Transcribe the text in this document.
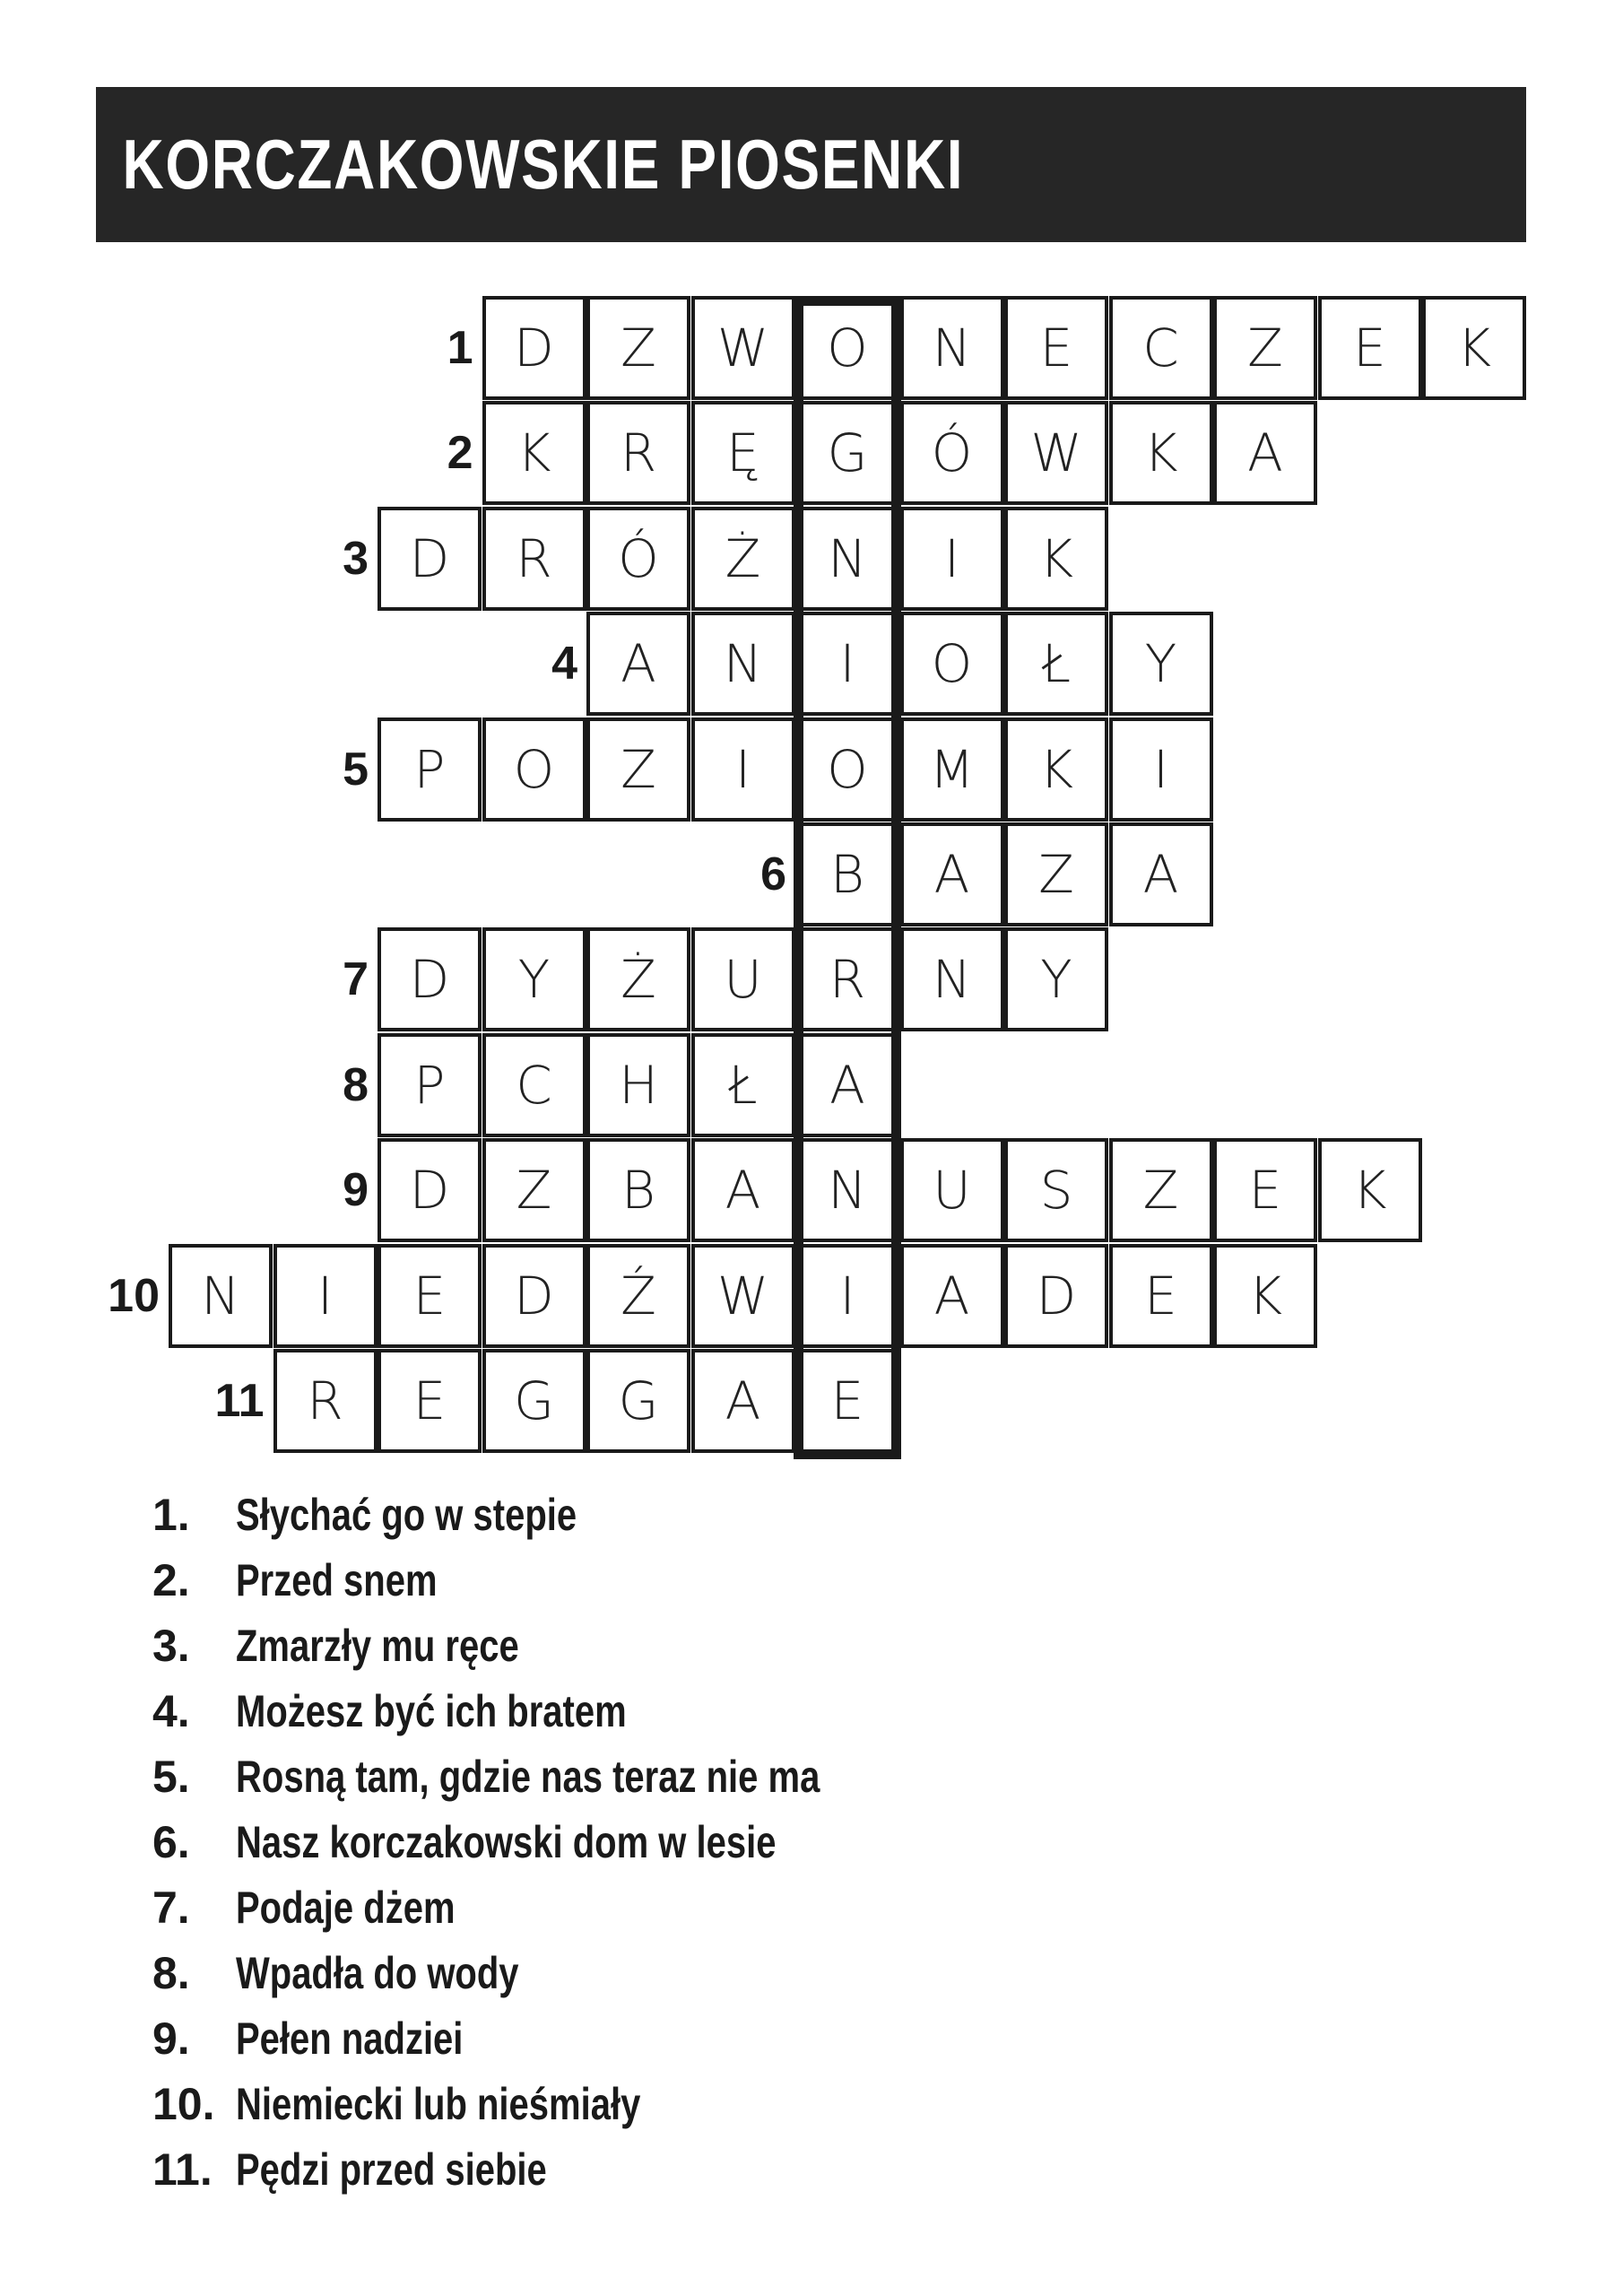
KORCZAKOWSKIE PIOSENKI
1 D	Z	W	O	N	E	C	Z	E	K
2 K	R	Ę	G	Ó	W	K	A
3 D	R	Ó	Ż	N	I	K
4 A	N	I	O	Ł	Y
5 P	O	Z	I	O	M	K	I
6 B	A	Z	A
7 D	Y	Ż	U	R	N	Y
8 P	C	H	Ł	A
9 D	Z	B	A	N	U	S	Z	E	K
10 N	I	E	D	Ź	W	I	A	D	E	K
11 R	E	G	G	A	E
1.	Słychać go w stepie
2.	Przed snem
3.	Zmarzły mu ręce
4.	Możesz być ich bratem
5.	Rosną tam, gdzie nas teraz nie ma
6.	Nasz korczakowski dom w lesie
7.	Podaje dżem
8.	Wpadła do wody
9.	Pełen nadziei
10. Niemiecki lub nieśmiały
11. Pędzi przed siebie
